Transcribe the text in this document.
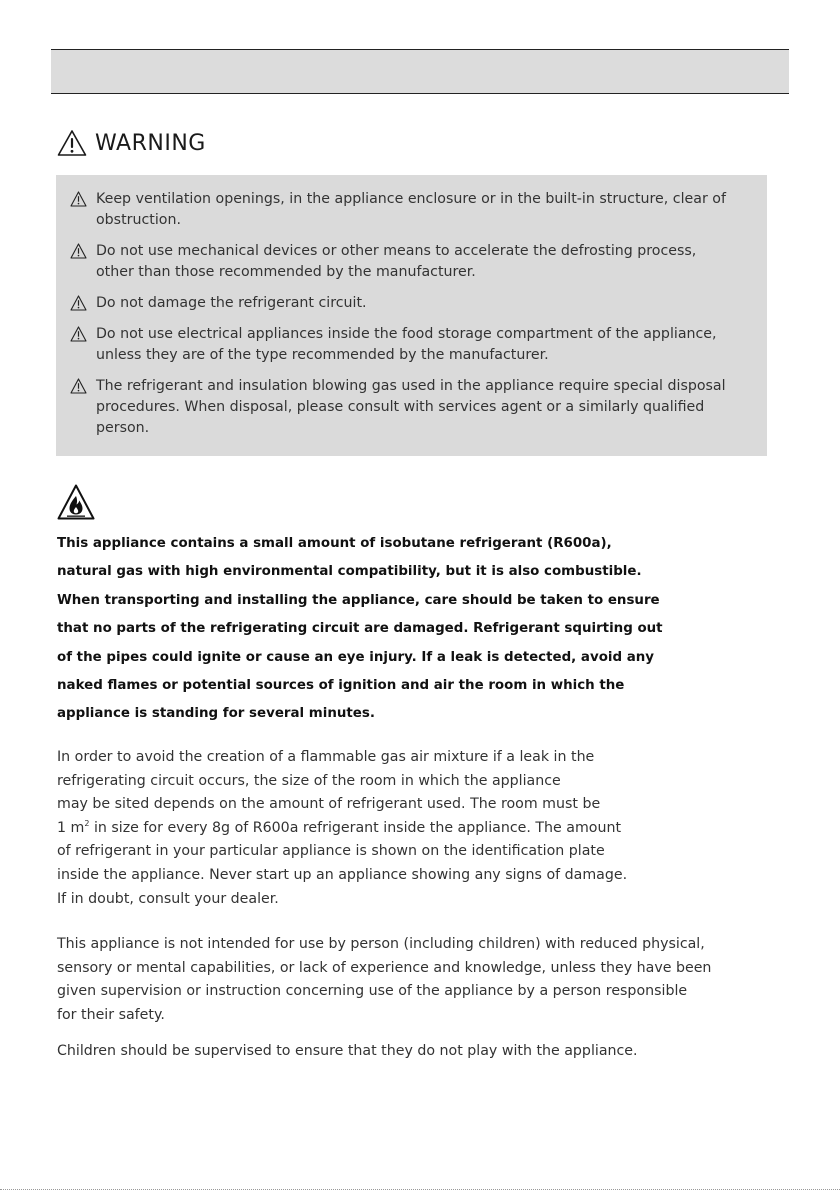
WARNING
Keep ventilation openings, in the appliance enclosure or in the built-in structure, clear of obstruction.
Do not use mechanical devices or other means to accelerate the defrosting process, other than those recommended by the manufacturer.
Do not damage the refrigerant circuit.
Do not use electrical appliances inside the food storage compartment of the appliance, unless they are of the type recommended by the manufacturer.
The refrigerant and insulation blowing gas used in the appliance require special disposal procedures. When disposal, please consult with services agent or a similarly qualified person.
This appliance contains a small amount of isobutane refrigerant (R600a),
natural gas with high environmental compatibility, but it is also combustible.
When transporting and installing the appliance, care should be taken to ensure
that no parts of the refrigerating circuit are damaged. Refrigerant squirting out
of the pipes could ignite or cause an eye injury. If a leak is detected, avoid any
naked flames or potential sources of ignition and air the room in which the
appliance is standing for several minutes.
In order to avoid the creation of a flammable gas air mixture if a leak in the
refrigerating circuit occurs, the size of the room in which the appliance
may be sited depends on the amount of refrigerant used. The room must be
1 $m^2$ in size for every 8g of R600a refrigerant inside the appliance. The amount
of refrigerant in your particular appliance is shown on the identification plate
inside the appliance. Never start up an appliance showing any signs of damage.
If in doubt, consult your dealer.
This appliance is not intended for use by person (including children) with reduced physical,
sensory or mental capabilities, or lack of experience and knowledge, unless they have been
given supervision or instruction concerning use of the appliance by a person responsible
for their safety.
Children should be supervised to ensure that they do not play with the appliance.
